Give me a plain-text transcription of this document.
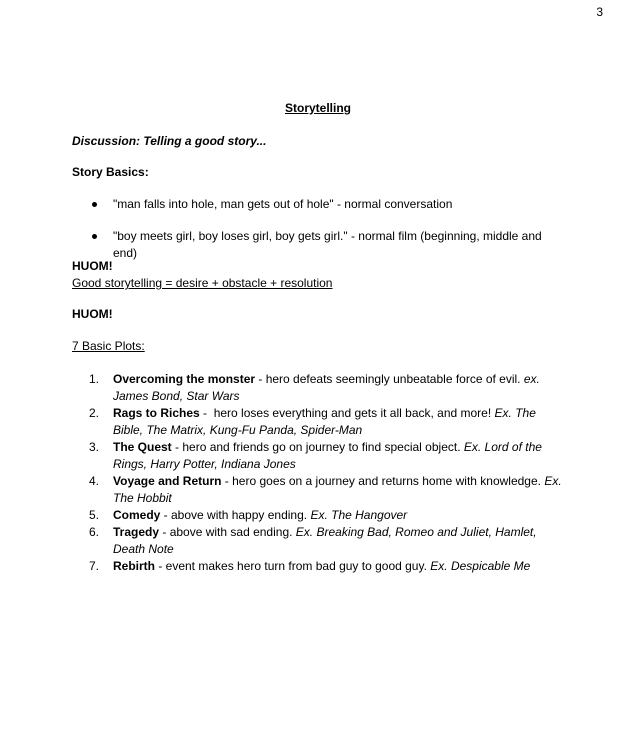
3
Storytelling
Discussion: Telling a good story...
Story Basics:
"man falls into hole, man gets out of hole" - normal conversation
"boy meets girl, boy loses girl, boy gets girl." - normal film (beginning, middle and end)
HUOM!
Good storytelling = desire + obstacle + resolution
HUOM!
7 Basic Plots:
Overcoming the monster - hero defeats seemingly unbeatable force of evil. ex. James Bond, Star Wars
Rags to Riches -  hero loses everything and gets it all back, and more! Ex. The Bible, The Matrix, Kung-Fu Panda, Spider-Man
The Quest - hero and friends go on journey to find special object. Ex. Lord of the Rings, Harry Potter, Indiana Jones
Voyage and Return - hero goes on a journey and returns home with knowledge. Ex. The Hobbit
Comedy - above with happy ending. Ex. The Hangover
Tragedy - above with sad ending. Ex. Breaking Bad, Romeo and Juliet, Hamlet, Death Note
Rebirth - event makes hero turn from bad guy to good guy. Ex. Despicable Me
